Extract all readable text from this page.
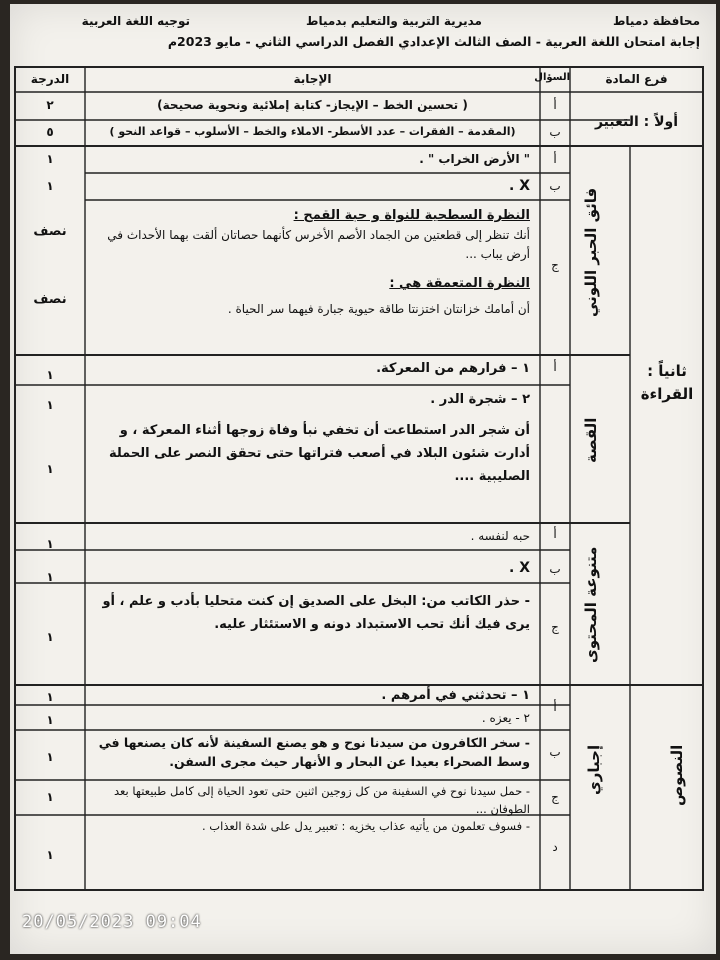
محافظة دمياط
مديرية التربية والتعليم بدمياط
توجيه اللغة العربية
إجابة امتحان اللغة العربية - الصف الثالث الإعدادي الفصل الدراسي الثاني - مايو 2023م
فرع المادة
السؤال
الإجابة
الدرجة
أولاً : التعبير
أ
( تحسين الخط – الإيجاز- كتابة إملائية ونحوية صحيحة)
٢
ب
(المقدمة – الفقرات – عدد الأسطر- الاملاء والخط – الأسلوب – قواعد النحو )
٥
ثانياً : القراءة
فائق الحبر اللوني
أ
" الأرض الخراب " .
١
ب
X .
١
ج
النظرة السطحية للنواة و حبة القمح :
أنك تنظر إلى قطعتين من الجماد الأصم الأخرس كأنهما حصاتان ألقت بهما الأحداث في أرض يباب ...
نصف
النظرة المتعمقة هي :
أن أمامك خزانتان اختزنتا طاقة حيوية جبارة فيهما سر الحياة .
نصف
القصة
أ
١ – فرارهم من المعركة.
١
٢ – شجرة الدر .
١
أن شجر الدر استطاعت أن تخفي نبأ وفاة زوجها أثناء المعركة ، و أدارت شئون البلاد في أصعب فتراتها حتى تحقق النصر على الحملة الصليبية ....
١
متنوعة المحتوى
أ
حبه لنفسه .
١
ب
X .
١
ج
- حذر الكاتب من: البخل على الصديق إن كنت متحليا بأدب و علم ، أو يرى فيك أنك تحب الاستبداد دونه و الاستئثار عليه.
١
النصوص
إجباري
أ
١ – تحدثني في أمرهم .
١
٢ - يعزه .
١
ب
- سخر الكافرون من سيدنا نوح و هو يصنع السفينة لأنه كان يصنعها في وسط الصحراء بعيدا عن البحار و الأنهار حيث مجرى السفن.
١
ج
- حمل سيدنا نوح في السفينة من كل زوجين اثنين حتى تعود الحياة إلى كامل طبيعتها بعد الطوفان ...
١
د
- فسوف تعلمون من يأتيه عذاب يخزيه : تعبير يدل على شدة العذاب .
١
20/05/2023 09:04
